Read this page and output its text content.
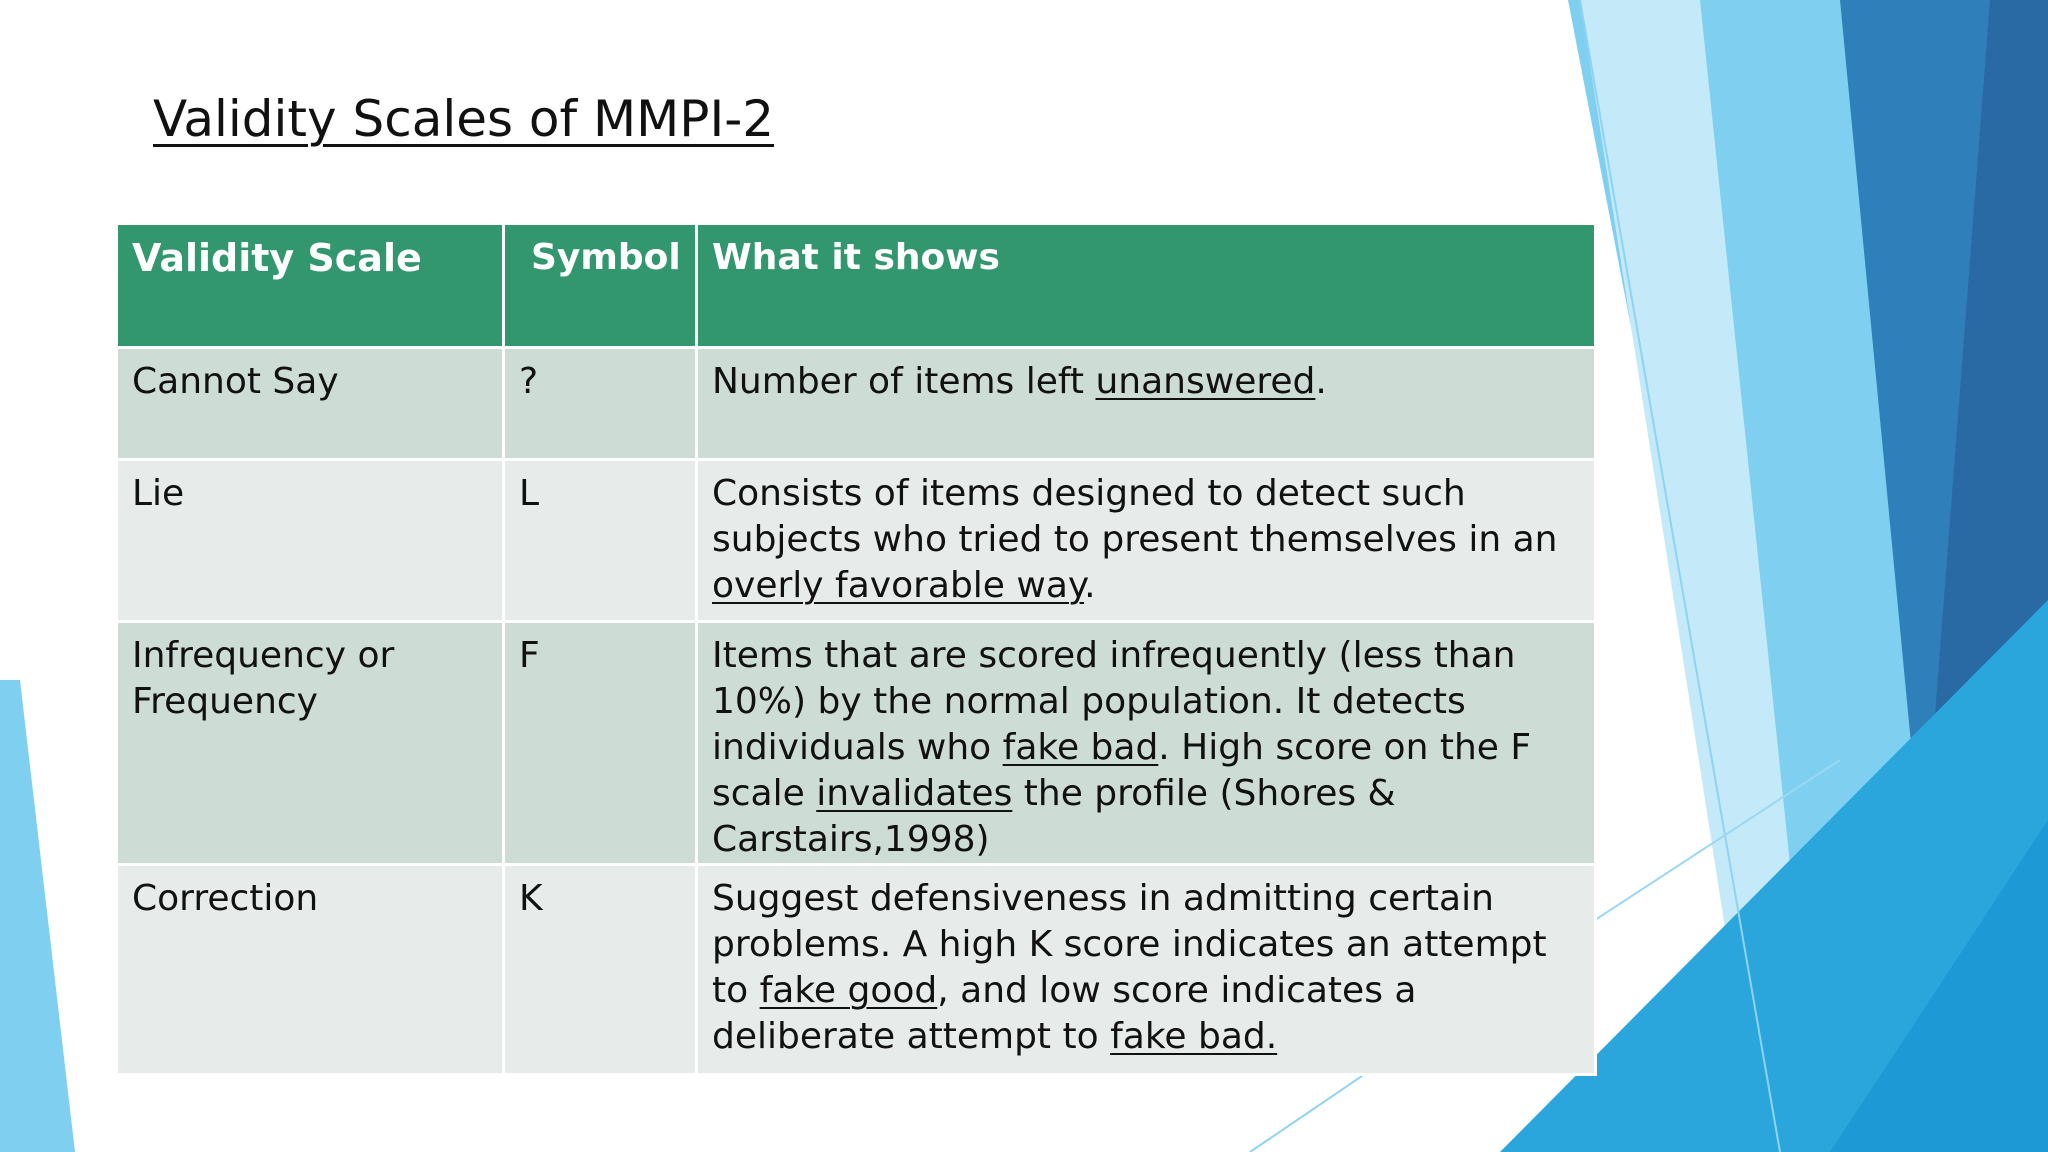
Validity Scales of MMPI-2
Validity Scale	Symbol	What it shows
Cannot Say	?	Number of items left unanswered.
Lie	L	Consists of items designed to detect such subjects who tried to present themselves in an overly favorable way.
Infrequency or Frequency	F	Items that are scored infrequently (less than 10%) by the normal population. It detects individuals who fake bad. High score on the F scale invalidates the profile (Shores & Carstairs,1998)
Correction	K	Suggest defensiveness in admitting certain problems. A high K score indicates an attempt to fake good, and low score indicates a deliberate attempt to fake bad.
